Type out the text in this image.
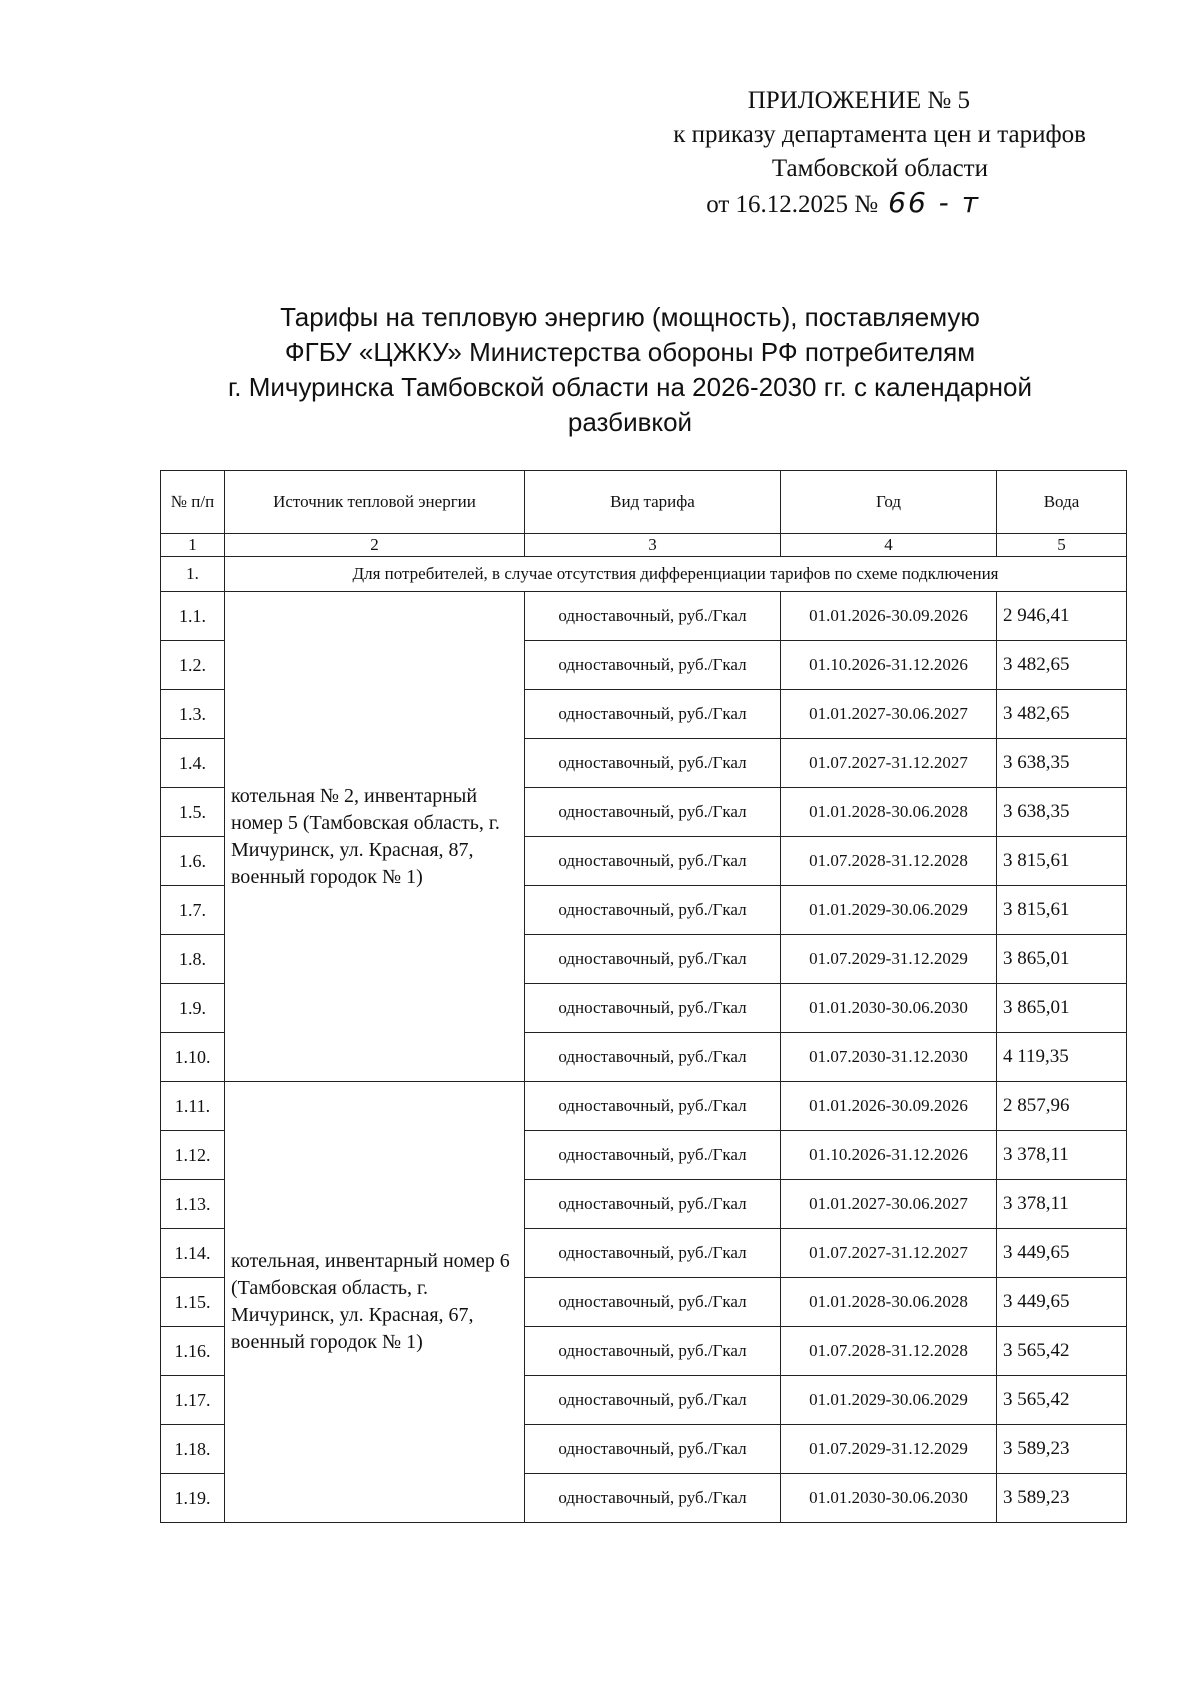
ПРИЛОЖЕНИЕ № 5
к приказу департамента цен и тарифов
Тамбовской области
от 16.12.2025 № 66 - т
Тарифы на тепловую энергию (мощность), поставляемую
ФГБУ «ЦЖКУ» Министерства обороны РФ потребителям
г. Мичуринска Тамбовской области на 2026-2030 гг. с календарной
разбивкой
№ п/п	Источник тепловой энергии	Вид тарифа	Год	Вода
1	2	3	4	5
1.	Для потребителей, в случае отсутствия дифференциации тарифов по схеме подключения			
1.1.	котельная № 2, инвентарный номер 5 (Тамбовская область, г. Мичуринск, ул. Красная, 87, военный городок № 1)	одноставочный, руб./Гкал	01.01.2026-30.09.2026	2 946,41
1.2.		одноставочный, руб./Гкал	01.10.2026-31.12.2026	3 482,65
1.3.		одноставочный, руб./Гкал	01.01.2027-30.06.2027	3 482,65
1.4.		одноставочный, руб./Гкал	01.07.2027-31.12.2027	3 638,35
1.5.		одноставочный, руб./Гкал	01.01.2028-30.06.2028	3 638,35
1.6.		одноставочный, руб./Гкал	01.07.2028-31.12.2028	3 815,61
1.7.		одноставочный, руб./Гкал	01.01.2029-30.06.2029	3 815,61
1.8.		одноставочный, руб./Гкал	01.07.2029-31.12.2029	3 865,01
1.9.		одноставочный, руб./Гкал	01.01.2030-30.06.2030	3 865,01
1.10.		одноставочный, руб./Гкал	01.07.2030-31.12.2030	4 119,35
1.11.	котельная, инвентарный номер 6 (Тамбовская область, г. Мичуринск, ул. Красная, 67, военный городок № 1)	одноставочный, руб./Гкал	01.01.2026-30.09.2026	2 857,96
1.12.		одноставочный, руб./Гкал	01.10.2026-31.12.2026	3 378,11
1.13.		одноставочный, руб./Гкал	01.01.2027-30.06.2027	3 378,11
1.14.		одноставочный, руб./Гкал	01.07.2027-31.12.2027	3 449,65
1.15.		одноставочный, руб./Гкал	01.01.2028-30.06.2028	3 449,65
1.16.		одноставочный, руб./Гкал	01.07.2028-31.12.2028	3 565,42
1.17.		одноставочный, руб./Гкал	01.01.2029-30.06.2029	3 565,42
1.18.		одноставочный, руб./Гкал	01.07.2029-31.12.2029	3 589,23
1.19.		одноставочный, руб./Гкал	01.01.2030-30.06.2030	3 589,23
